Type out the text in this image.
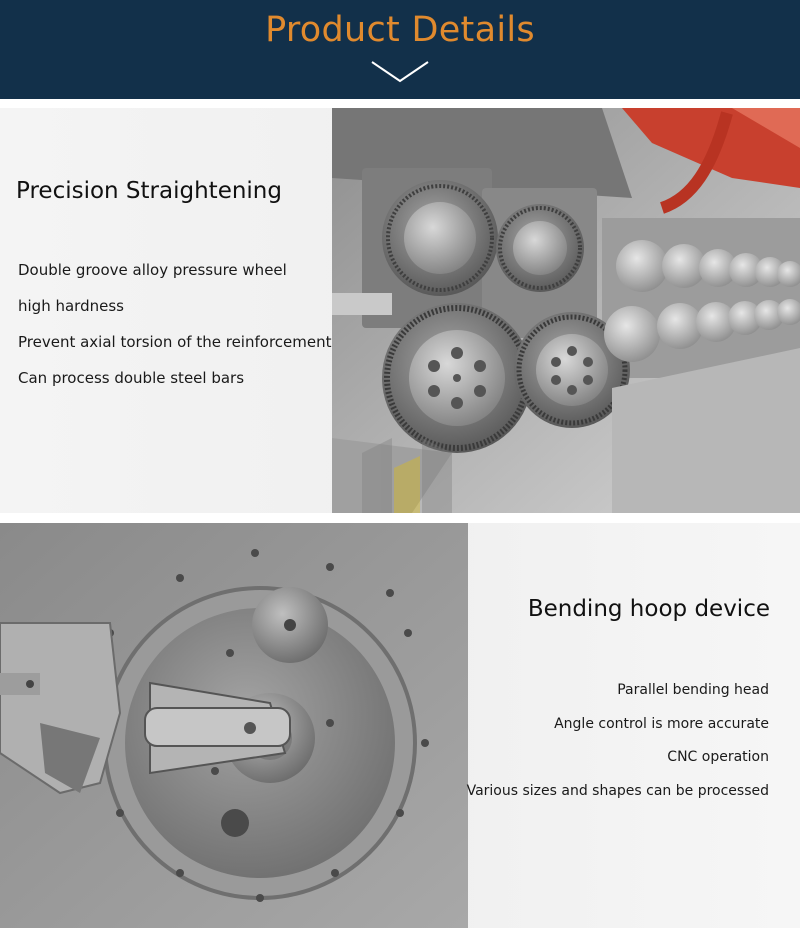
Product Details
Precision Straightening
Double groove alloy pressure wheel
high hardness
Prevent axial torsion of the reinforcement
Can process double steel bars
Bending hoop device
Parallel bending head
Angle control is more accurate
CNC operation
Various sizes and shapes can be processed
